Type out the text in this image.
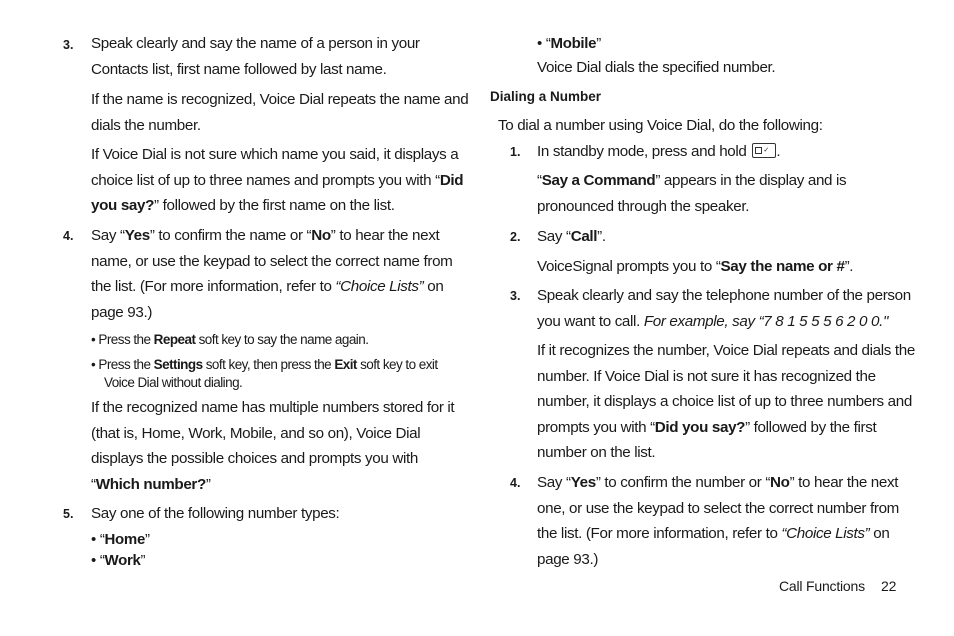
3. Speak clearly and say the name of a person in your
Contacts list, first name followed by last name.
If the name is recognized, Voice Dial repeats the name and
dials the number.
If Voice Dial is not sure which name you said, it displays a
choice list of up to three names and prompts you with “Did
you say?” followed by the first name on the list.
4. Say “Yes” to confirm the name or “No” to hear the next
name, or use the keypad to select the correct name from
the list. (For more information, refer to “Choice Lists” on
page 93.)
• Press the Repeat soft key to say the name again.
• Press the Settings soft key, then press the Exit soft key to exit
Voice Dial without dialing.
If the recognized name has multiple numbers stored for it
(that is, Home, Work, Mobile, and so on), Voice Dial
displays the possible choices and prompts you with
“Which number?”
5. Say one of the following number types:
• “Home”
• “Work”
• “Mobile”
Voice Dial dials the specified number.
Dialing a Number
To dial a number using Voice Dial, do the following:
1. In standby mode, press and hold ✓ .
“Say a Command” appears in the display and is
pronounced through the speaker.
2. Say “Call”.
VoiceSignal prompts you to “Say the name or #”.
3. Speak clearly and say the telephone number of the person
you want to call. For example, say “7 8 1 5 5 5 6 2 0 0."
If it recognizes the number, Voice Dial repeats and dials the
number. If Voice Dial is not sure it has recognized the
number, it displays a choice list of up to three numbers and
prompts you with “Did you say?” followed by the first
number on the list.
4. Say “Yes” to confirm the number or “No” to hear the next
one, or use the keypad to select the correct number from
the list. (For more information, refer to “Choice Lists” on
page 93.)
Call Functions 22
